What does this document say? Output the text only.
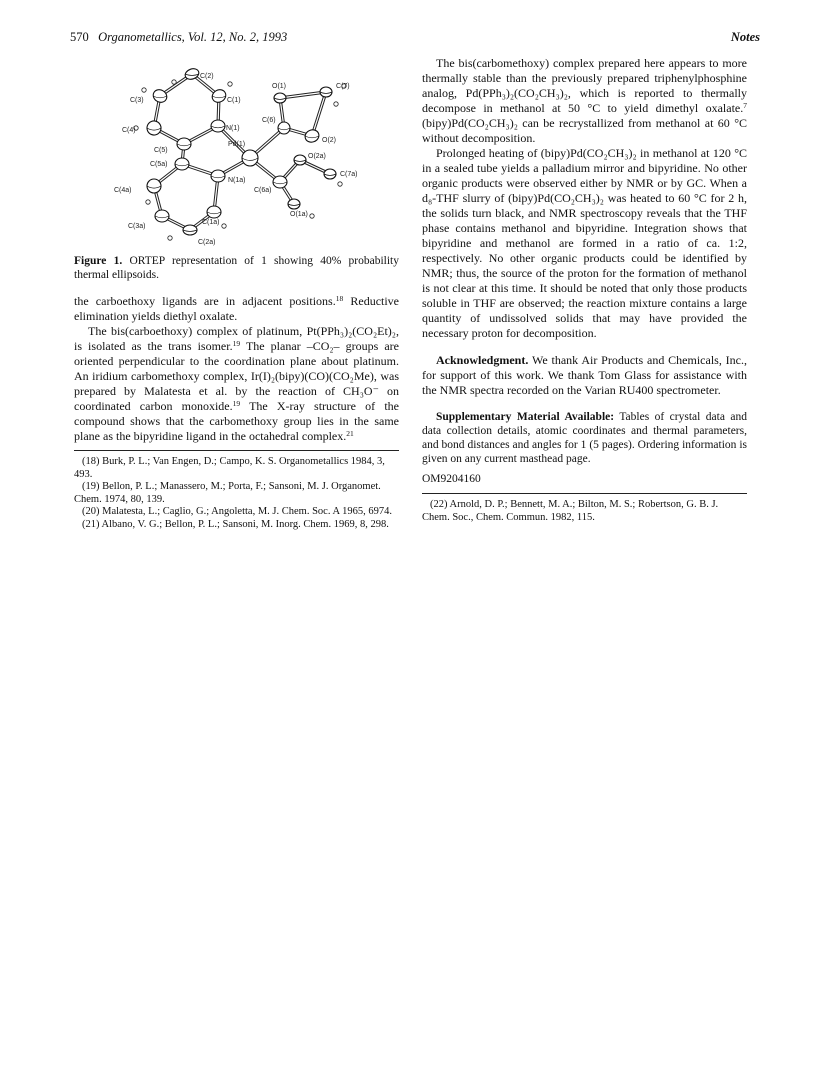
570 Organometallics, Vol. 12, No. 2, 1993	Notes
C(2)
C(3)	C(1)
O(1)	C(7)
C(4)	N(1)
C(6)
O(2)
C(5)
Pd(1)
C(5a)
O(2a)
N(1a)
C(7a)
C(4a)	C(6a)
O(1a)
C(3a)
C(1a)
C(2a)
Figure 1. ORTEP representation of 1 showing 40% probability thermal ellipsoids.

the carboethoxy ligands are in adjacent positions.$^{18}$ Reductive elimination yields diethyl oxalate.

The bis(carboethoxy) complex of platinum, Pt(PPh₃)₂(CO₂Et)₂, is isolated as the trans isomer.$^{19}$ The planar –CO₂– groups are oriented perpendicular to the coordination plane about platinum. An iridium carbomethoxy complex, Ir(I)₂(bipy)(CO)(CO₂Me), was prepared by Malatesta et al. by the reaction of CH₃O⁻ on coordinated carbon monoxide.$^{19}$ The X-ray structure of the compound shows that the carbomethoxy group lies in the same plane as the bipyridine ligand in the octahedral complex.$^{21}$

(18) Burk, P. L.; Van Engen, D.; Campo, K. S. Organometallics 1984, 3, 493.

(19) Bellon, P. L.; Manassero, M.; Porta, F.; Sansoni, M. J. Organomet. Chem. 1974, 80, 139.

(20) Malatesta, L.; Caglio, G.; Angoletta, M. J. Chem. Soc. A 1965, 6974.

(21) Albano, V. G.; Bellon, P. L.; Sansoni, M. Inorg. Chem. 1969, 8, 298.

The bis(carbomethoxy) complex prepared here appears to more thermally stable than the previously prepared triphenylphosphine analog, Pd(PPh₃)₂(CO₂CH₃)₂, which is reported to thermally decompose in methanol at 50 °C to yield dimethyl oxalate.$^7$ (bipy)Pd(CO₂CH₃)₂ can be recrystallized from methanol at 60 °C without decomposition.

Prolonged heating of (bipy)Pd(CO₂CH₃)₂ in methanol at 120 °C in a sealed tube yields a palladium mirror and bipyridine. No other organic products were observed either by NMR or by GC. When a d₈-THF slurry of (bipy)Pd(CO₂CH₃)₂ was heated to 60 °C for 2 h, the solids turn black, and NMR spectroscopy reveals that the THF phase contains methanol and bipyridine. Integration shows that bipyridine and methanol are formed in a ratio of ca. 1:2, respectively. No other organic products could be identified by NMR; thus, the source of the proton for the formation of methanol is not clear at this time. It should be noted that only those products soluble in THF are observed; the reaction mixture contains a large quantity of undissolved solids that may have provided the necessary proton for decomposition.

Acknowledgment. We thank Air Products and Chemicals, Inc., for support of this work. We thank Tom Glass for assistance with the NMR spectra recorded on the Varian RU400 spectrometer.

Supplementary Material Available: Tables of crystal data and data collection details, atomic coordinates and thermal parameters, and bond distances and angles for 1 (5 pages). Ordering information is given on any current masthead page.

OM9204160

(22) Arnold, D. P.; Bennett, M. A.; Bilton, M. S.; Robertson, G. B. J. Chem. Soc., Chem. Commun. 1982, 115.
